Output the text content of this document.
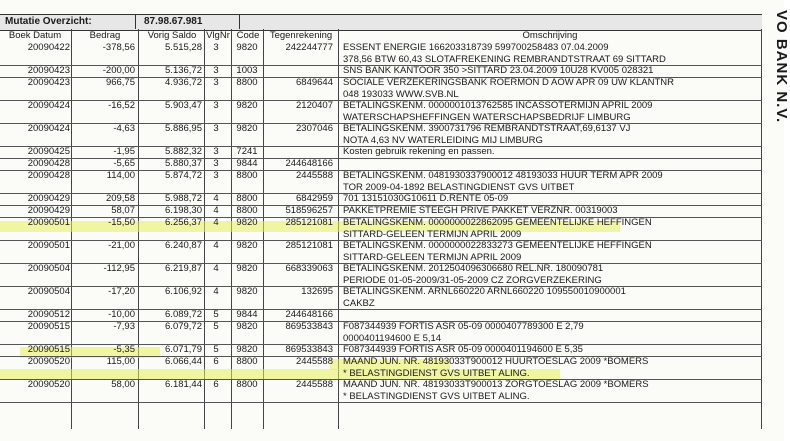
Mutatie Overzicht:	87.98.67.981
Boek Datum	Bedrag	Vorig Saldo	VlgNr Code	Tegenrekening	Omschrijving
20090422	-378,56	5.515,28	3	9820	242244777 ESSENT ENERGIE 166203318739 599700258483 07.04.2009
378,56 BTW 60,43 SLOTAFREKENING REMBRANDTSTRAAT 69 SITTARD
20090423	-200,00	5.136,72	3	1003	SNS BANK KANTOOR 350 >SITTARD 23.04.2009 10U28 KV005 028321
20090423	966,75	4.936,72	3	8800	6849644 SOCIALE VERZEKERINGSBANK ROERMON D AOW APR 09 UW KLANTNR
048 193033 WWW.SVB.NL
20090424	-16,52	5.903,47	3	9820	2120407 BETALINGSKENM. 0000001013762585 INCASSOTERMIJN APRIL 2009
WATERSCHAPSHEFFINGEN WATERSCHAPSBEDRIJF LIMBURG
20090424	-4,63	5.886,95	3	9820	2307046 BETALINGSKENM. 3900731796 REMBRANDTSTRAAT,69,6137 VJ
NOTA 4,63 NV WATERLEIDING MIJ LIMBURG
20090425	-1,95	5.882,32	3	7241	Kosten gebruik rekening en passen.
20090428	-5,65	5.880,37	3	9844	244648166
20090428	114,00	5.874,72	3	8800	2445588 BETALINGSKENM. 0481930337900012 48193033 HUUR TERM APR 2009
TOR 2009-04-1892 BELASTINGDIENST GVS UITBET
20090429	209,58	5.988,72	4	8800	6842959 701 13151030G10611 D.RENTE 05-09
20090429	58,07	6.198,30	4	8800	518596257 PAKKETPREMIE STEEGH PRIVE PAKKET VERZNR. 00319003
20090501	-15,50	6.256,37	4	9820	285121081 BETALINGSKENM. 0000000022862095 GEMEENTELIJKE HEFFINGEN
SITTARD-GELEEN TERMIJN APRIL 2009
20090501	-21,00	6.240,87	4	9820	285121081 BETALINGSKENM. 0000000022833273 GEMEENTELIJKE HEFFINGEN
SITTARD-GELEEN TERMIJN APRIL 2009
20090504	-112,95	6.219,87	4	9820	668339063 BETALINGSKENM. 2012504096306680 REL.NR. 180090781
PERIODE 01-05-2009/31-05-2009 CZ ZORGVERZEKERING
20090504	-17,20	6.106,92	4	9820	132695 BETALINGSKENM. ARNL660220 ARNL660220 109550010900001
CAKBZ
20090512	-10,00	6.089,72	5	9844	244648166
20090515	-7,93	6.079,72	5	9820	869533843 F087344939 FORTIS ASR 05-09 0000407789300 E 2,79
0000401194600 E 5,14
20090515	-5,35	6.071,79	5	9820	869533843 F087344939 FORTIS ASR 05-09 0000401194600 E 5,35
20090520	115,00	6.066,44	6	8800	2445588 MAAND JUN. NR. 48193033T900012 HUURTOESLAG 2009 *BOMERS
* BELASTINGDIENST GVS UITBET ALING.
20090520	58,00	6.181,44	6	8800	2445588 MAAND JUN. NR. 48193033T900013 ZORGTOESLAG 2009 *BOMERS
* BELASTINGDIENST GVS UITBET ALING.
VO BANK N.V.
